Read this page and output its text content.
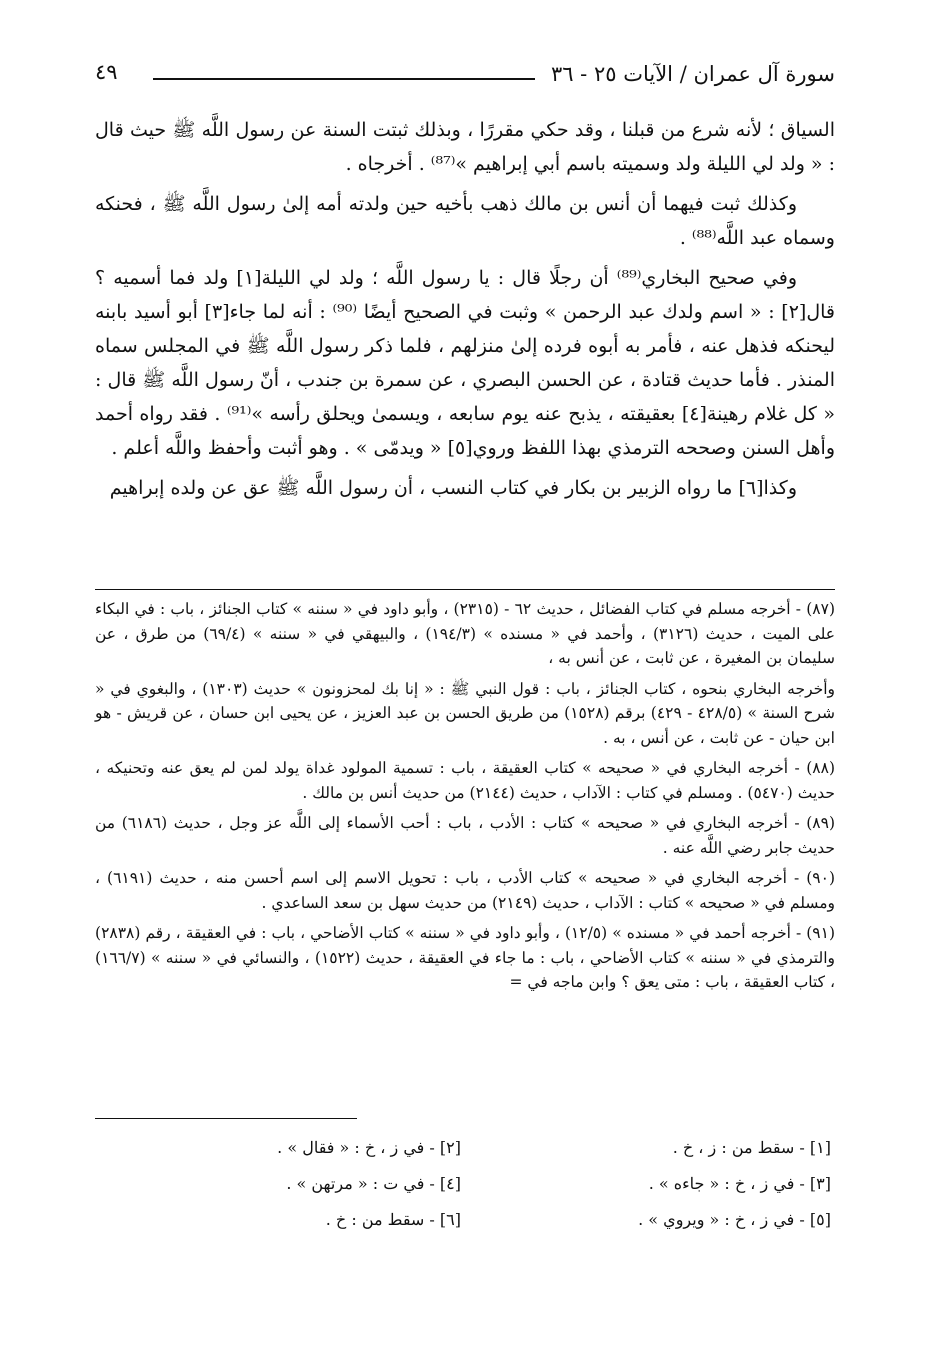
سورة آل عمران / الآيات ٢٥ - ٣٦
٤٩

السياق ؛ لأنه شرع من قبلنا ، وقد حكي مقررًا ، وبذلك ثبتت السنة عن رسول اللَّه ﷺ حيث قال : « ولد لي الليلة ولد وسميته باسم أبي إبراهيم »⁽⁸⁷⁾ . أخرجاه .

وكذلك ثبت فيهما أن أنس بن مالك ذهب بأخيه حين ولدته أمه إلىٰ رسول اللَّه ﷺ ، فحنكه وسماه عبد اللَّه⁽⁸⁸⁾ .

وفي صحيح البخاري⁽⁸⁹⁾ أن رجلًا قال : يا رسول اللَّه ؛ ولد لي الليلة[١] ولد فما أسميه ؟ قال[٢] : « اسم ولدك عبد الرحمن » وثبت في الصحيح أيضًا ⁽⁹⁰⁾ : أنه لما جاء[٣] أبو أسيد بابنه ليحنكه فذهل عنه ، فأمر به أبوه فرده إلىٰ منزلهم ، فلما ذكر رسول اللَّه ﷺ في المجلس سماه المنذر . فأما حديث قتادة ، عن الحسن البصري ، عن سمرة بن جندب ، أنّ رسول اللَّه ﷺ قال : « كل غلام رهينة[٤] بعقيقته ، يذبح عنه يوم سابعه ، ويسمىٰ ويحلق رأسه »⁽⁹¹⁾ . فقد رواه أحمد وأهل السنن وصححه الترمذي بهذا اللفظ وروي[٥] « ويدمّى » . وهو أثبت وأحفظ واللَّه أعلم .

وكذا[٦] ما رواه الزبير بن بكار في كتاب النسب ، أن رسول اللَّه ﷺ عق عن ولده إبراهيم

(٨٧) - أخرجه مسلم في كتاب الفضائل ، حديث ٦٢ - (٢٣١٥) ، وأبو داود في « سننه » كتاب الجنائز ، باب : في البكاء على الميت ، حديث (٣١٢٦) ، وأحمد في « مسنده » (١٩٤/٣) ، والبيهقي في « سننه » (٦٩/٤) من طرق ، عن سليمان بن المغيرة ، عن ثابت ، عن أنس به ،

وأخرجه البخاري بنحوه ، كتاب الجنائز ، باب : قول النبي ﷺ : « إنا بك لمحزونون » حديث (١٣٠٣) ، والبغوي في « شرح السنة » (٤٢٨/٥ - ٤٢٩) برقم (١٥٢٨) من طريق الحسن بن عبد العزيز ، عن يحيى ابن حسان ، عن قريش - هو ابن حيان - عن ثابت ، عن أنس ، به .

(٨٨) - أخرجه البخاري في « صحيحه » كتاب العقيقة ، باب : تسمية المولود غداة يولد لمن لم يعق عنه وتحنيكه ، حديث (٥٤٧٠) . ومسلم في كتاب : الآداب ، حديث (٢١٤٤) من حديث أنس بن مالك .

(٨٩) - أخرجه البخاري في « صحيحه » كتاب : الأدب ، باب : أحب الأسماء إلى اللَّه عز وجل ، حديث (٦١٨٦) من حديث جابر رضي اللَّه عنه .

(٩٠) - أخرجه البخاري في « صحيحه » كتاب الأدب ، باب : تحويل الاسم إلى اسم أحسن منه ، حديث (٦١٩١) ، ومسلم في « صحيحه » كتاب : الآداب ، حديث (٢١٤٩) من حديث سهل بن سعد الساعدي .

(٩١) - أخرجه أحمد في « مسنده » (١٢/٥) ، وأبو داود في « سننه » كتاب الأضاحي ، باب : في العقيقة ، رقم (٢٨٣٨) والترمذي في « سننه » كتاب الأضاحي ، باب : ما جاء في العقيقة ، حديث (١٥٢٢) ، والنسائي في « سننه » (١٦٦/٧) ، كتاب العقيقة ، باب : متى يعق ؟ وابن ماجه في =

[١] - سقط من : ز ، خ .
[٢] - في ز ، خ : « فقال » .
[٣] - في ز ، خ : « جاءه » .
[٤] - في ت : « مرتهن » .
[٥] - في ز ، خ : « ويروي » .
[٦] - سقط من : خ .
